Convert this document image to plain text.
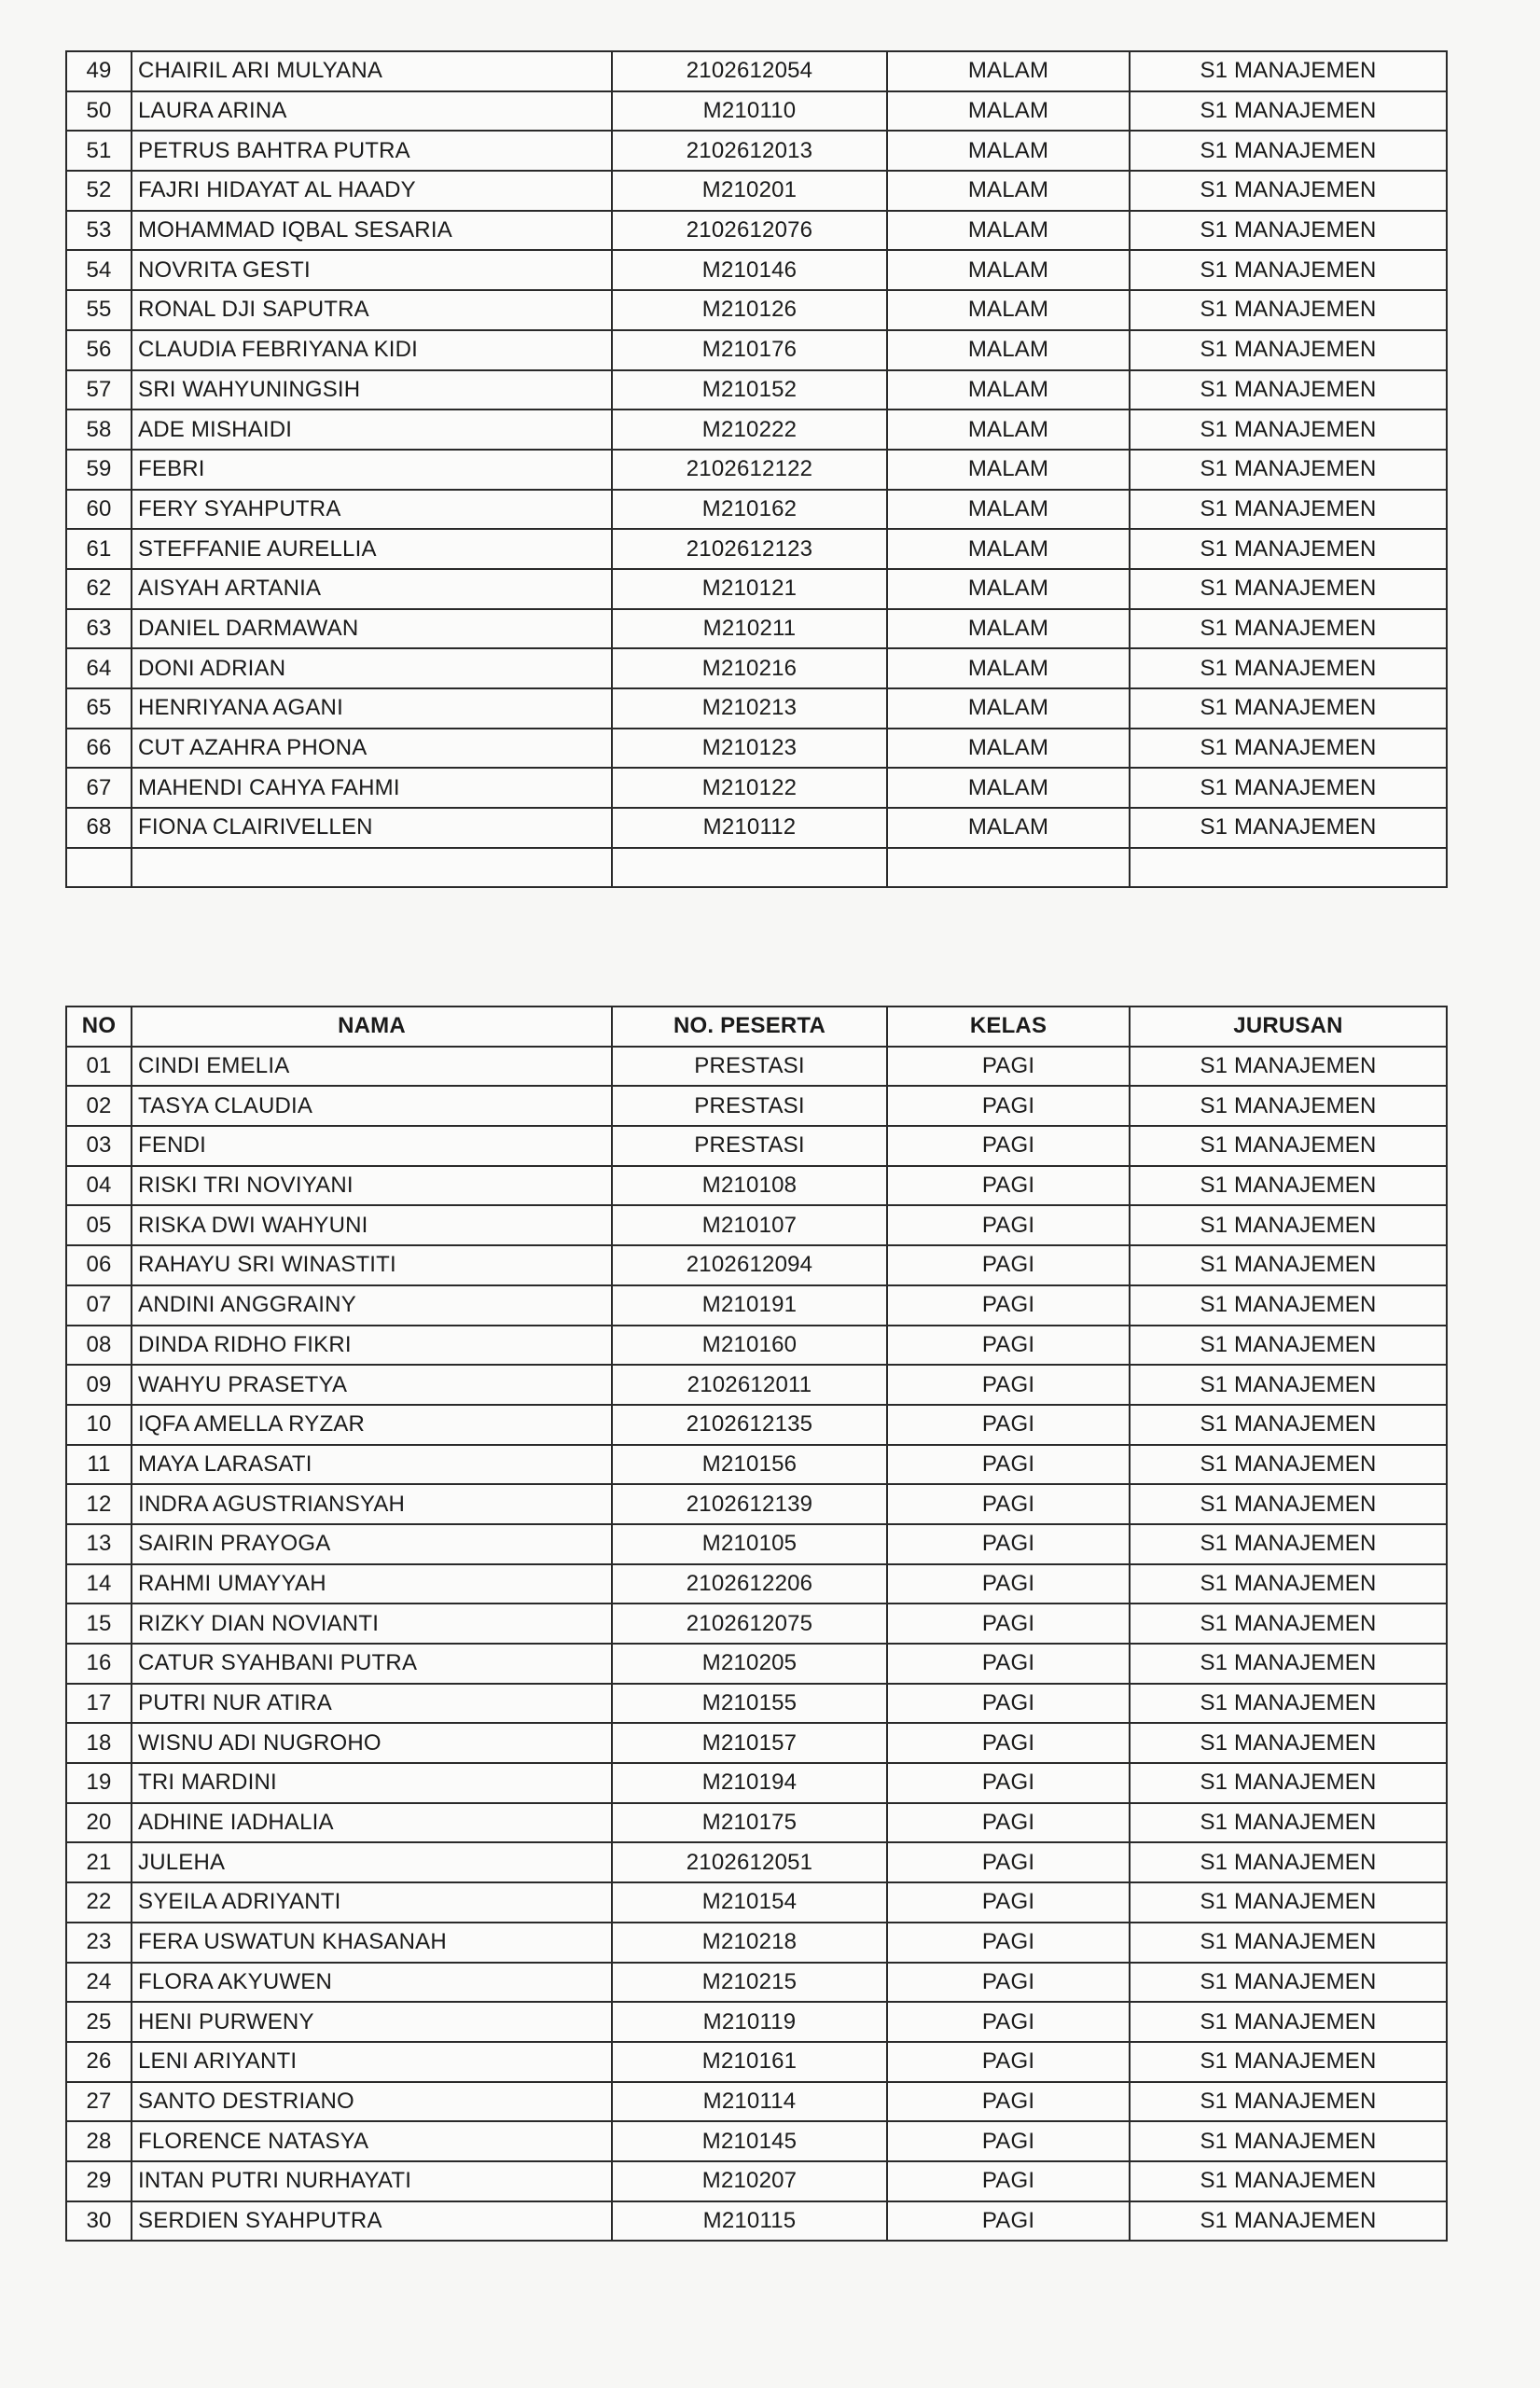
49	CHAIRIL ARI MULYANA	2102612054	MALAM	S1 MANAJEMEN
50	LAURA ARINA	M210110	MALAM	S1 MANAJEMEN
51	PETRUS BAHTRA PUTRA	2102612013	MALAM	S1 MANAJEMEN
52	FAJRI HIDAYAT AL HAADY	M210201	MALAM	S1 MANAJEMEN
53	MOHAMMAD IQBAL SESARIA	2102612076	MALAM	S1 MANAJEMEN
54	NOVRITA GESTI	M210146	MALAM	S1 MANAJEMEN
55	RONAL DJI SAPUTRA	M210126	MALAM	S1 MANAJEMEN
56	CLAUDIA FEBRIYANA KIDI	M210176	MALAM	S1 MANAJEMEN
57	SRI WAHYUNINGSIH	M210152	MALAM	S1 MANAJEMEN
58	ADE MISHAIDI	M210222	MALAM	S1 MANAJEMEN
59	FEBRI	2102612122	MALAM	S1 MANAJEMEN
60	FERY SYAHPUTRA	M210162	MALAM	S1 MANAJEMEN
61	STEFFANIE AURELLIA	2102612123	MALAM	S1 MANAJEMEN
62	AISYAH ARTANIA	M210121	MALAM	S1 MANAJEMEN
63	DANIEL DARMAWAN	M210211	MALAM	S1 MANAJEMEN
64	DONI ADRIAN	M210216	MALAM	S1 MANAJEMEN
65	HENRIYANA AGANI	M210213	MALAM	S1 MANAJEMEN
66	CUT AZAHRA PHONA	M210123	MALAM	S1 MANAJEMEN
67	MAHENDI CAHYA FAHMI	M210122	MALAM	S1 MANAJEMEN
68	FIONA CLAIRIVELLEN	M210112	MALAM	S1 MANAJEMEN

NO	NAMA	NO. PESERTA	KELAS	JURUSAN
01	CINDI EMELIA	PRESTASI	PAGI	S1 MANAJEMEN
02	TASYA CLAUDIA	PRESTASI	PAGI	S1 MANAJEMEN
03	FENDI	PRESTASI	PAGI	S1 MANAJEMEN
04	RISKI TRI NOVIYANI	M210108	PAGI	S1 MANAJEMEN
05	RISKA DWI WAHYUNI	M210107	PAGI	S1 MANAJEMEN
06	RAHAYU SRI WINASTITI	2102612094	PAGI	S1 MANAJEMEN
07	ANDINI ANGGRAINY	M210191	PAGI	S1 MANAJEMEN
08	DINDA RIDHO FIKRI	M210160	PAGI	S1 MANAJEMEN
09	WAHYU PRASETYA	2102612011	PAGI	S1 MANAJEMEN
10	IQFA AMELLA RYZAR	2102612135	PAGI	S1 MANAJEMEN
11	MAYA LARASATI	M210156	PAGI	S1 MANAJEMEN
12	INDRA AGUSTRIANSYAH	2102612139	PAGI	S1 MANAJEMEN
13	SAIRIN PRAYOGA	M210105	PAGI	S1 MANAJEMEN
14	RAHMI UMAYYAH	2102612206	PAGI	S1 MANAJEMEN
15	RIZKY DIAN NOVIANTI	2102612075	PAGI	S1 MANAJEMEN
16	CATUR SYAHBANI PUTRA	M210205	PAGI	S1 MANAJEMEN
17	PUTRI NUR ATIRA	M210155	PAGI	S1 MANAJEMEN
18	WISNU ADI NUGROHO	M210157	PAGI	S1 MANAJEMEN
19	TRI MARDINI	M210194	PAGI	S1 MANAJEMEN
20	ADHINE IADHALIA	M210175	PAGI	S1 MANAJEMEN
21	JULEHA	2102612051	PAGI	S1 MANAJEMEN
22	SYEILA ADRIYANTI	M210154	PAGI	S1 MANAJEMEN
23	FERA USWATUN KHASANAH	M210218	PAGI	S1 MANAJEMEN
24	FLORA AKYUWEN	M210215	PAGI	S1 MANAJEMEN
25	HENI PURWENY	M210119	PAGI	S1 MANAJEMEN
26	LENI ARIYANTI	M210161	PAGI	S1 MANAJEMEN
27	SANTO DESTRIANO	M210114	PAGI	S1 MANAJEMEN
28	FLORENCE NATASYA	M210145	PAGI	S1 MANAJEMEN
29	INTAN PUTRI NURHAYATI	M210207	PAGI	S1 MANAJEMEN
30	SERDIEN SYAHPUTRA	M210115	PAGI	S1 MANAJEMEN
